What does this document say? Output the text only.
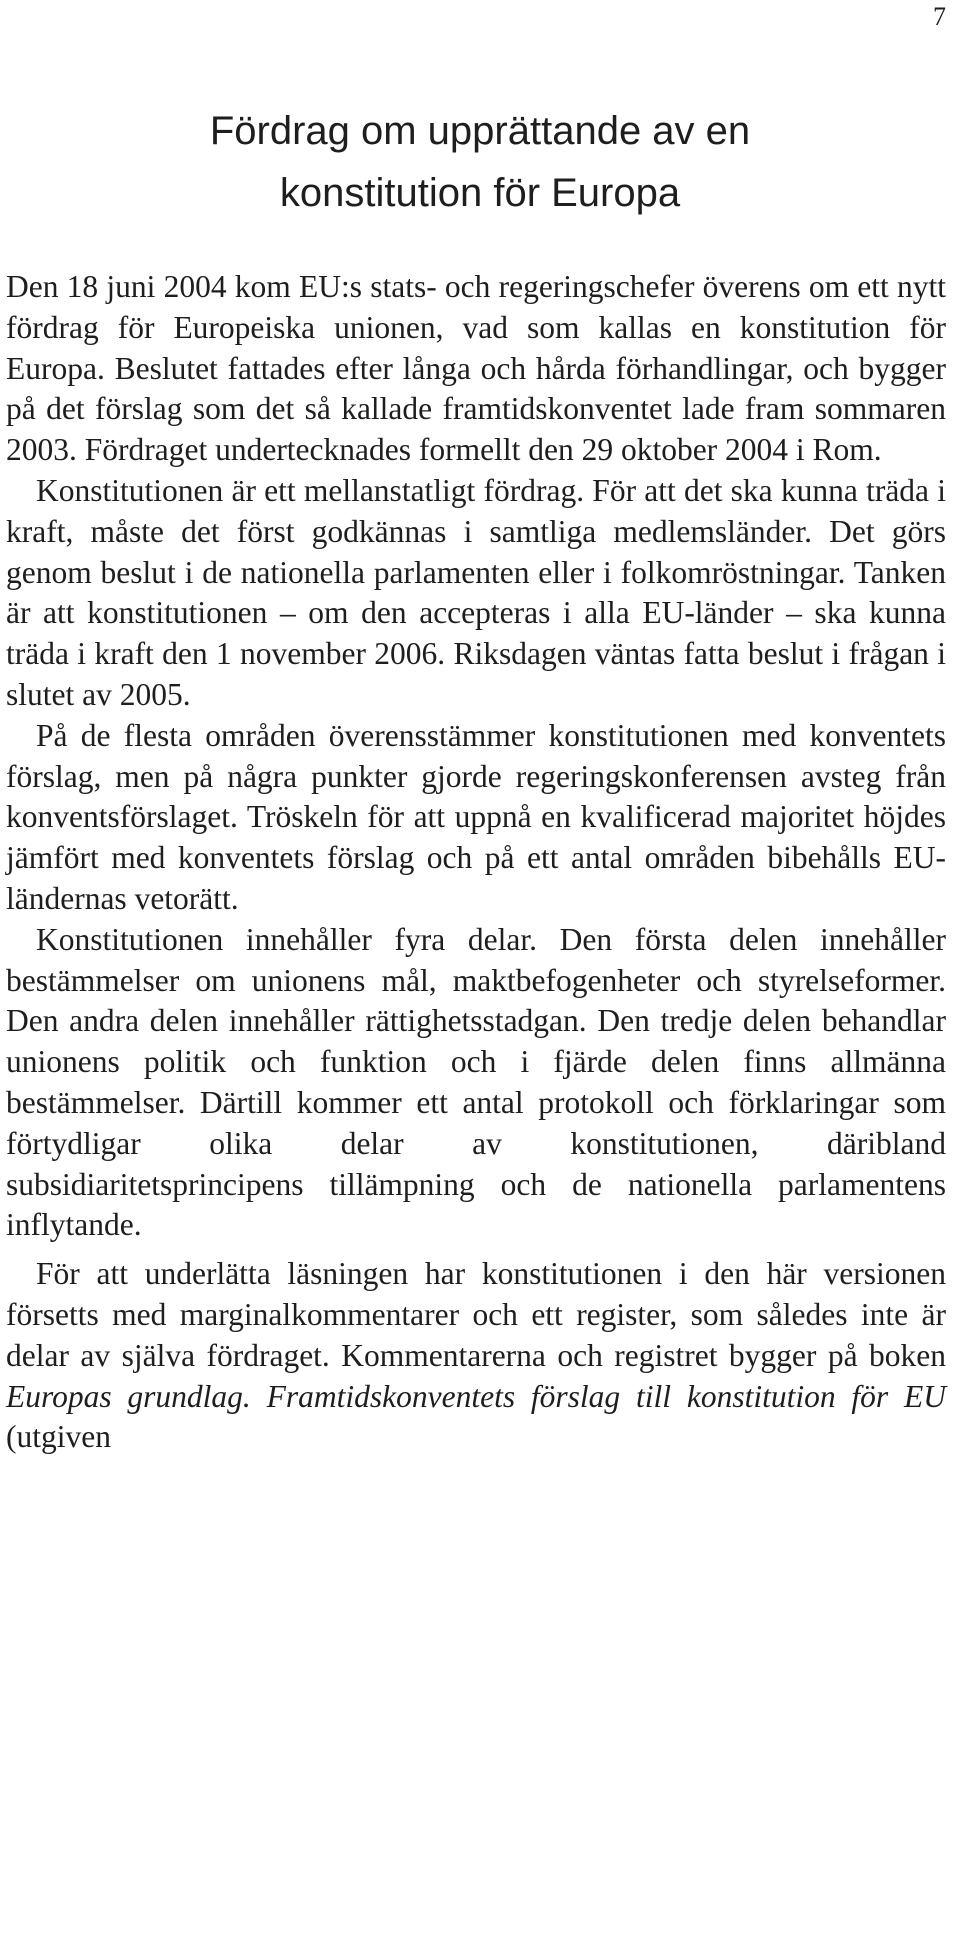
7
Fördrag om upprättande av en
konstitution för Europa

Den 18 juni 2004 kom EU:s stats- och regeringschefer överens om ett nytt fördrag för Europeiska unionen, vad som kallas en konstitution för Europa. Beslutet fattades efter långa och hårda förhandlingar, och bygger på det förslag som det så kallade framtidskonventet lade fram sommaren 2003. Fördraget undertecknades formellt den 29 oktober 2004 i Rom.

Konstitutionen är ett mellanstatligt fördrag. För att det ska kunna träda i kraft, måste det först godkännas i samtliga medlemsländer. Det görs genom beslut i de nationella parlamenten eller i folkomröstningar. Tanken är att konstitutionen – om den accepteras i alla EU-länder – ska kunna träda i kraft den 1 november 2006. Riksdagen väntas fatta beslut i frågan i slutet av 2005.

På de flesta områden överensstämmer konstitutionen med konventets förslag, men på några punkter gjorde regeringskonferensen avsteg från konventsförslaget. Tröskeln för att uppnå en kvalificerad majoritet höjdes jämfört med konventets förslag och på ett antal områden bibehålls EU-ländernas vetorätt.

Konstitutionen innehåller fyra delar. Den första delen innehåller bestämmelser om unionens mål, maktbefogenheter och styrelseformer. Den andra delen innehåller rättighetsstadgan. Den tredje delen behandlar unionens politik och funktion och i fjärde delen finns allmänna bestämmelser. Därtill kommer ett antal protokoll och förklaringar som förtydligar olika delar av konstitutionen, däribland subsidiaritetsprincipens tillämpning och de nationella parlamentens inflytande.

För att underlätta läsningen har konstitutionen i den här versionen försetts med marginalkommentarer och ett register, som således inte är delar av själva fördraget. Kommentarerna och registret bygger på boken Europas grundlag. Framtidskonventets förslag till konstitution för EU (utgiven
